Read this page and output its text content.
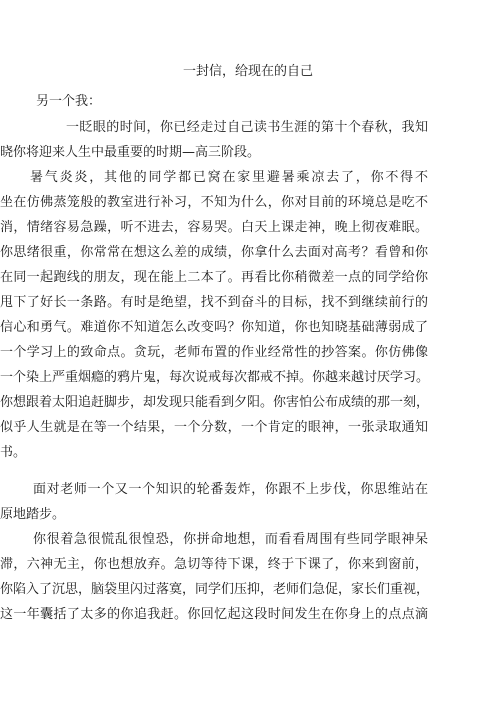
一封信，给现在的自己
另一个我：
一眨眼的时间，你已经走过自己读书生涯的第十个春秋，我知
晓你将迎来人生中最重要的时期—高三阶段。
暑气炎炎，其他的同学都已窝在家里避暑乘凉去了，你不得不
坐在仿佛蒸笼般的教室进行补习，不知为什么，你对目前的环境总是吃不
消，情绪容易急躁，听不进去，容易哭。白天上课走神，晚上彻夜难眠。
你思绪很重，你常常在想这么差的成绩，你拿什么去面对高考？看曾和你
在同一起跑线的朋友，现在能上二本了。再看比你稍微差一点的同学给你
甩下了好长一条路。有时是绝望，找不到奋斗的目标，找不到继续前行的
信心和勇气。难道你不知道怎么改变吗？你知道，你也知晓基础薄弱成了
一个学习上的致命点。贪玩，老师布置的作业经常性的抄答案。你仿佛像
一个染上严重烟瘾的鸦片鬼，每次说戒每次都戒不掉。你越来越讨厌学习。
你想跟着太阳追赶脚步，却发现只能看到夕阳。你害怕公布成绩的那一刻，
似乎人生就是在等一个结果，一个分数，一个肯定的眼神，一张录取通知
书。
面对老师一个又一个知识的轮番轰炸，你跟不上步伐，你思维站在
原地踏步。
你很着急很慌乱很惶恐，你拼命地想，而看看周围有些同学眼神呆
滞，六神无主，你也想放弃。急切等待下课，终于下课了，你来到窗前，
你陷入了沉思，脑袋里闪过落寞，同学们压抑，老师们急促，家长们重视，
这一年囊括了太多的你追我赶。你回忆起这段时间发生在你身上的点点滴
